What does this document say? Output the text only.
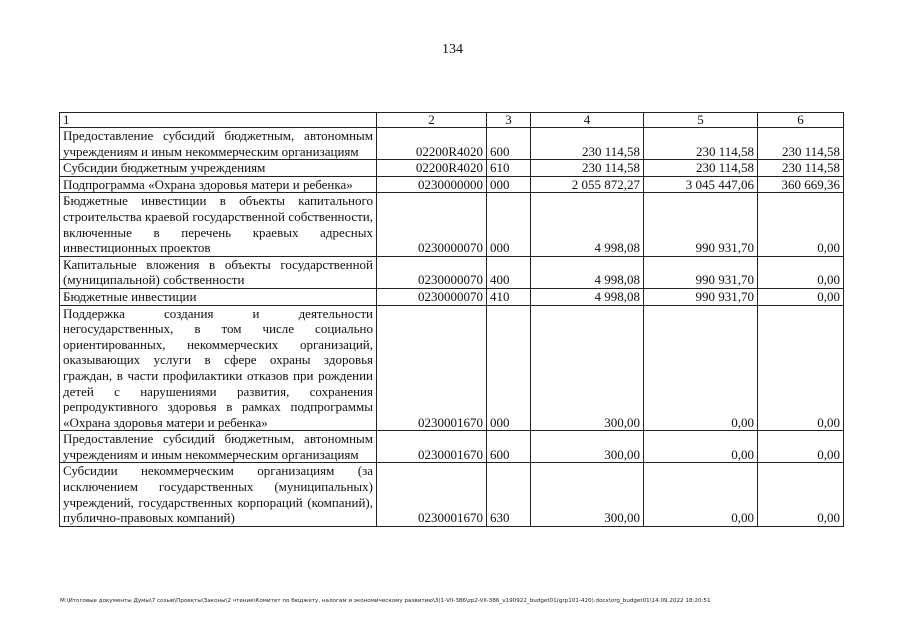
134
1	2	3	4	5	6
Предоставление субсидий бюджетным, автономным учреждениям и иным некоммерческим организациям	02200R4020	600	230 114,58	230 114,58	230 114,58
Субсидии бюджетным учреждениям	02200R4020	610	230 114,58	230 114,58	230 114,58
Подпрограмма «Охрана здоровья матери и ребенка»	0230000000	000	2 055 872,27	3 045 447,06	360 669,36
Бюджетные инвестиции в объекты капитального строительства краевой государственной собственности, включенные в перечень краевых адресных инвестиционных проектов	0230000070	000	4 998,08	990 931,70	0,00
Капитальные вложения в объекты государственной (муниципальной) собственности	0230000070	400	4 998,08	990 931,70	0,00
Бюджетные инвестиции	0230000070	410	4 998,08	990 931,70	0,00
Поддержка создания и деятельности негосударственных, в том числе социально ориентированных, некоммерческих организаций, оказывающих услуги в сфере охраны здоровья граждан, в части профилактики отказов при рождении детей с нарушениями развития, сохранения репродуктивного здоровья в рамках подпрограммы «Охрана здоровья матери и ребенка»	0230001670	000	300,00	0,00	0,00
Предоставление субсидий бюджетным, автономным учреждениям и иным некоммерческим организациям	0230001670	600	300,00	0,00	0,00
Субсидии некоммерческим организациям (за исключением государственных (муниципальных) учреждений, государственных корпораций (компаний), публично-правовых компаний)	0230001670	630	300,00	0,00	0,00
M:\Итоговые документы Думы\7 созыв\Проекты\Законы\2 чтение\Комитет по бюджету, налогам и экономическому развитию\3(1-VII-386\zp2-VII-386_v190922_budget01(grp101-420).docx\org_budget01\14.09.2022 18:20:51
